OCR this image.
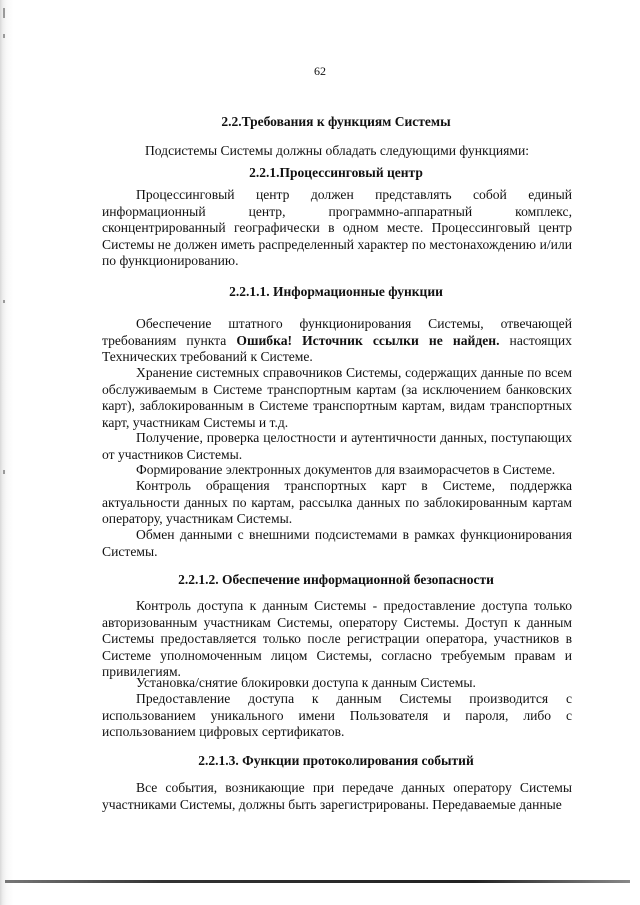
62
2.2.Требования к функциям Системы
Подсистемы Системы должны обладать следующими функциями:
2.2.1.Процессинговый центр
Процессинговый центр должен представлять собой единый информационный центр, программно-аппаратный комплекс, сконцентрированный географически в одном месте. Процессинговый центр Системы не должен иметь распределенный характер по местонахождению и/или по функционированию.
2.2.1.1. Информационные функции
Обеспечение штатного функционирования Системы, отвечающей требованиям пункта Ошибка! Источник ссылки не найден. настоящих Технических требований к Системе.
Хранение системных справочников Системы, содержащих данные по всем обслуживаемым в Системе транспортным картам (за исключением банковских карт), заблокированным в Системе транспортным картам, видам транспортных карт, участникам Системы и т.д.
Получение, проверка целостности и аутентичности данных, поступающих от участников Системы.
Формирование электронных документов для взаиморасчетов в Системе.
Контроль обращения транспортных карт в Системе, поддержка актуальности данных по картам, рассылка данных по заблокированным картам оператору, участникам Системы.
Обмен данными с внешними подсистемами в рамках функционирования Системы.
2.2.1.2. Обеспечение информационной безопасности
Контроль доступа к данным Системы - предоставление доступа только авторизованным участникам Системы, оператору Системы. Доступ к данным Системы предоставляется только после регистрации оператора, участников в Системе уполномоченным лицом Системы, согласно требуемым правам и привилегиям.
Установка/снятие блокировки доступа к данным Системы.
Предоставление доступа к данным Системы производится с использованием уникального имени Пользователя и пароля, либо с использованием цифровых сертификатов.
2.2.1.3. Функции протоколирования событий
Все события, возникающие при передаче данных оператору Системы участниками Системы, должны быть зарегистрированы. Передаваемые данные
